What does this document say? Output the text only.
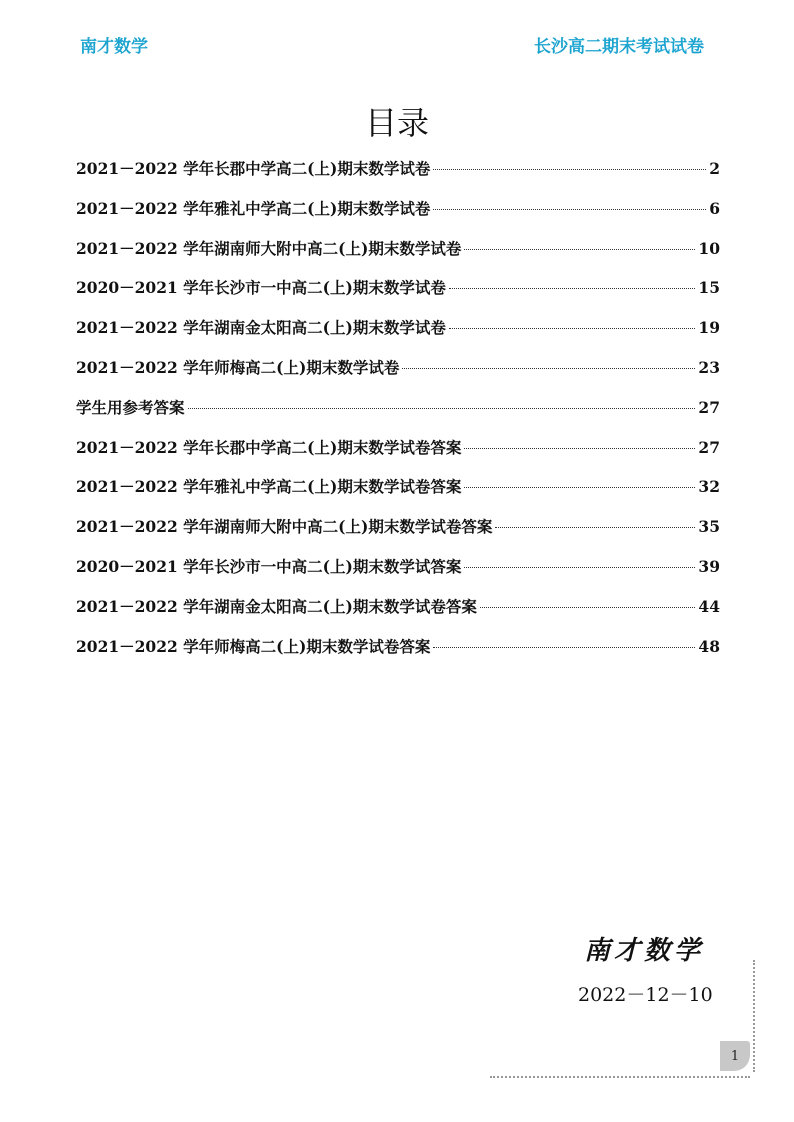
南才数学	长沙高二期末考试试卷
目录
2021－2022 学年长郡中学高二(上)期末数学试卷	2
2021－2022 学年雅礼中学高二(上)期末数学试卷	6
2021－2022 学年湖南师大附中高二(上)期末数学试卷	10
2020－2021 学年长沙市一中高二(上)期末数学试卷	15
2021－2022 学年湖南金太阳高二(上)期末数学试卷	19
2021－2022 学年师梅高二(上)期末数学试卷	23
学生用参考答案	27
2021－2022 学年长郡中学高二(上)期末数学试卷答案	27
2021－2022 学年雅礼中学高二(上)期末数学试卷答案	32
2021－2022 学年湖南师大附中高二(上)期末数学试卷答案	35
2020－2021 学年长沙市一中高二(上)期末数学试答案	39
2021－2022 学年湖南金太阳高二(上)期末数学试卷答案	44
2021－2022 学年师梅高二(上)期末数学试卷答案	48
南才数学
2022－12－10
1
